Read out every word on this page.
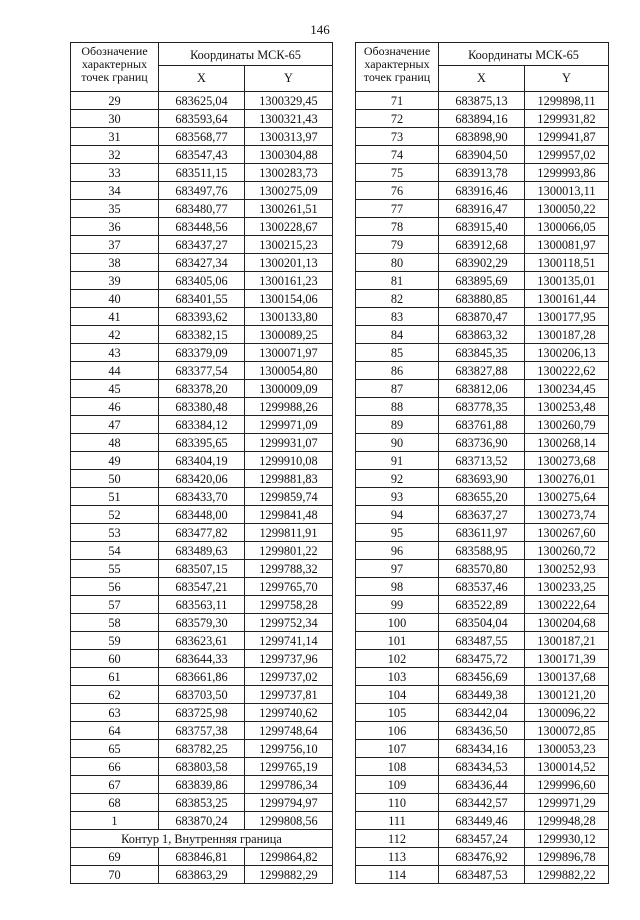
146
Обозначение характерных точек границ	Координаты МСК-65	
	X	Y
29	683625,04	1300329,45
30	683593,64	1300321,43
31	683568,77	1300313,97
32	683547,43	1300304,88
33	683511,15	1300283,73
34	683497,76	1300275,09
35	683480,77	1300261,51
36	683448,56	1300228,67
37	683437,27	1300215,23
38	683427,34	1300201,13
39	683405,06	1300161,23
40	683401,55	1300154,06
41	683393,62	1300133,80
42	683382,15	1300089,25
43	683379,09	1300071,97
44	683377,54	1300054,80
45	683378,20	1300009,09
46	683380,48	1299988,26
47	683384,12	1299971,09
48	683395,65	1299931,07
49	683404,19	1299910,08
50	683420,06	1299881,83
51	683433,70	1299859,74
52	683448,00	1299841,48
53	683477,82	1299811,91
54	683489,63	1299801,22
55	683507,15	1299788,32
56	683547,21	1299765,70
57	683563,11	1299758,28
58	683579,30	1299752,34
59	683623,61	1299741,14
60	683644,33	1299737,96
61	683661,86	1299737,02
62	683703,50	1299737,81
63	683725,98	1299740,62
64	683757,38	1299748,64
65	683782,25	1299756,10
66	683803,58	1299765,19
67	683839,86	1299786,34
68	683853,25	1299794,97
1	683870,24	1299808,56
Контур 1, Внутренняя граница		
69	683846,81	1299864,82
70	683863,29	1299882,29
Обозначение характерных точек границ	Координаты МСК-65	
	X	Y
71	683875,13	1299898,11
72	683894,16	1299931,82
73	683898,90	1299941,87
74	683904,50	1299957,02
75	683913,78	1299993,86
76	683916,46	1300013,11
77	683916,47	1300050,22
78	683915,40	1300066,05
79	683912,68	1300081,97
80	683902,29	1300118,51
81	683895,69	1300135,01
82	683880,85	1300161,44
83	683870,47	1300177,95
84	683863,32	1300187,28
85	683845,35	1300206,13
86	683827,88	1300222,62
87	683812,06	1300234,45
88	683778,35	1300253,48
89	683761,88	1300260,79
90	683736,90	1300268,14
91	683713,52	1300273,68
92	683693,90	1300276,01
93	683655,20	1300275,64
94	683637,27	1300273,74
95	683611,97	1300267,60
96	683588,95	1300260,72
97	683570,80	1300252,93
98	683537,46	1300233,25
99	683522,89	1300222,64
100	683504,04	1300204,68
101	683487,55	1300187,21
102	683475,72	1300171,39
103	683456,69	1300137,68
104	683449,38	1300121,20
105	683442,04	1300096,22
106	683436,50	1300072,85
107	683434,16	1300053,23
108	683434,53	1300014,52
109	683436,44	1299996,60
110	683442,57	1299971,29
111	683449,46	1299948,28
112	683457,24	1299930,12
113	683476,92	1299896,78
114	683487,53	1299882,22
